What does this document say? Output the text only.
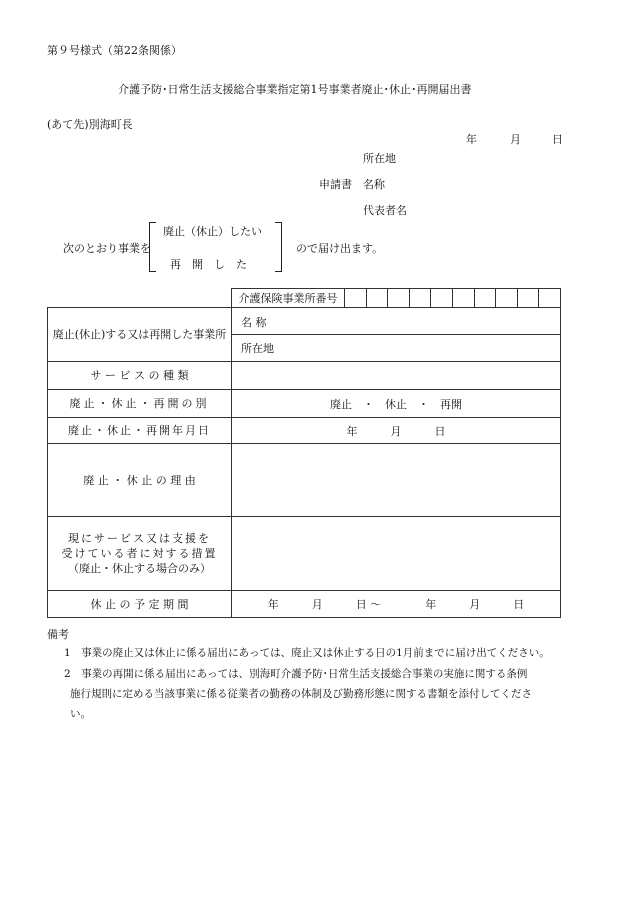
第９号様式（第22条関係）
介護予防･日常生活支援総合事業指定第1号事業者廃止･休止･再開届出書
(あて先)別海町長
年	月	日
所在地
申請書 名称
代表者名
次のとおり事業を
廃止（休止）したい
再　開　し　た
ので届け出ます。
	介護保険事業所番号										
廃止(休止)する又は再開した事業所	名 称										
	所在地										
サ ー ビ ス の 種 類											
廃止・休止・再開の別	廃止　・　休止　・　再開										
廃止・休止・再開年月日	年　　　月　　　日										
廃 止 ・ 休 止 の 理 由											

現にサービス又は支援を
受けている者に対する措置
（廃止・休止する場合のみ）											

休 止 の 予 定 期 間	年　　　月　　　日 〜　　　　年　　　月　　　日										
備考
1　事業の廃止又は休止に係る届出にあっては、廃止又は休止する日の1月前までに届け出てください。
2　事業の再開に係る届出にあっては、別海町介護予防･日常生活支援総合事業の実施に関する条例
施行規則に定める当該事業に係る従業者の勤務の体制及び勤務形態に関する書類を添付してくださ
い。
